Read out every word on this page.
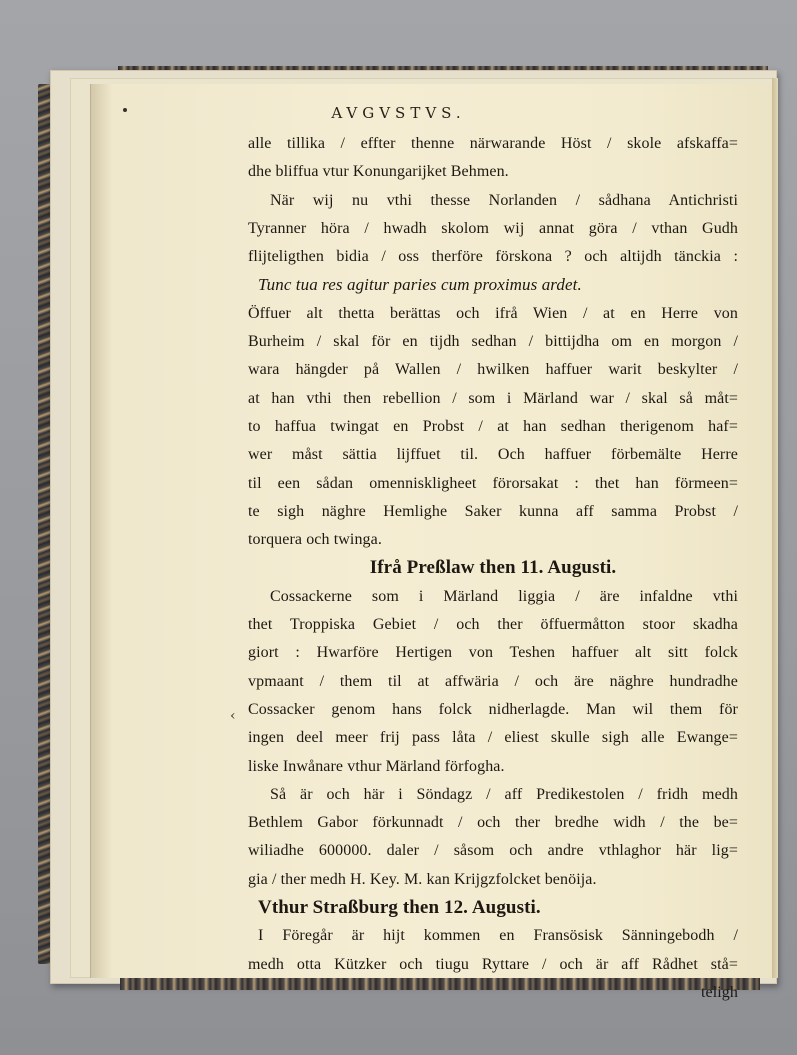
AVGVSTVS.
‹
alle tillika / effter thenne närwarande Höst / skole afskaffa=
dhe bliffua vtur Konungarijket Behmen.
När wij nu vthi thesse Norlanden / sådhana Antichristi
Tyranner höra / hwadh skolom wij annat göra / vthan Gudh
flijteligthen bidia / oss therföre förskona ? och altijdh tänckia :
Tunc tua res agitur paries cum proximus ardet.
Öffuer alt thetta berättas och ifrå Wien / at en Herre von
Burheim / skal för en tijdh sedhan / bittijdha om en morgon /
wara hängder på Wallen / hwilken haffuer warit beskylter /
at han vthi then rebellion / som i Märland war / skal så måt=
to haffua twingat en Probst / at han sedhan therigenom haf=
wer måst sättia lijffuet til. Och haffuer förbemälte Herre
til een sådan omenniskligheet förorsakat : thet han förmeen=
te sigh näghre Hemlighe Saker kunna aff samma Probst /
torquera och twinga.
Ifrå Preßlaw then 11. Augusti.
Cossackerne som i Märland liggia / äre infaldne vthi
thet Troppiska Gebiet / och ther öffuermåtton stoor skadha
giort : Hwarföre Hertigen von Teshen haffuer alt sitt folck
vpmaant / them til at affwäria / och äre näghre hundradhe
Cossacker genom hans folck nidherlagde. Man wil them för
ingen deel meer frij pass låta / eliest skulle sigh alle Ewange=
liske Inwånare vthur Märland förfogha.
Så är och här i Söndagz / aff Predikestolen / fridh medh
Bethlem Gabor förkunnadt / och ther bredhe widh / the be=
wiliadhe 600000. daler / såsom och andre vthlaghor här lig=
gia / ther medh H. Key. M. kan Krijgzfolcket benöija.
Vthur Straßburg then 12. Augusti.
I Föregår är hijt kommen en Fransösisk Sänningebodh /
medh otta Kützker och tiugu Ryttare / och är aff Rådhet stå=
teligh
